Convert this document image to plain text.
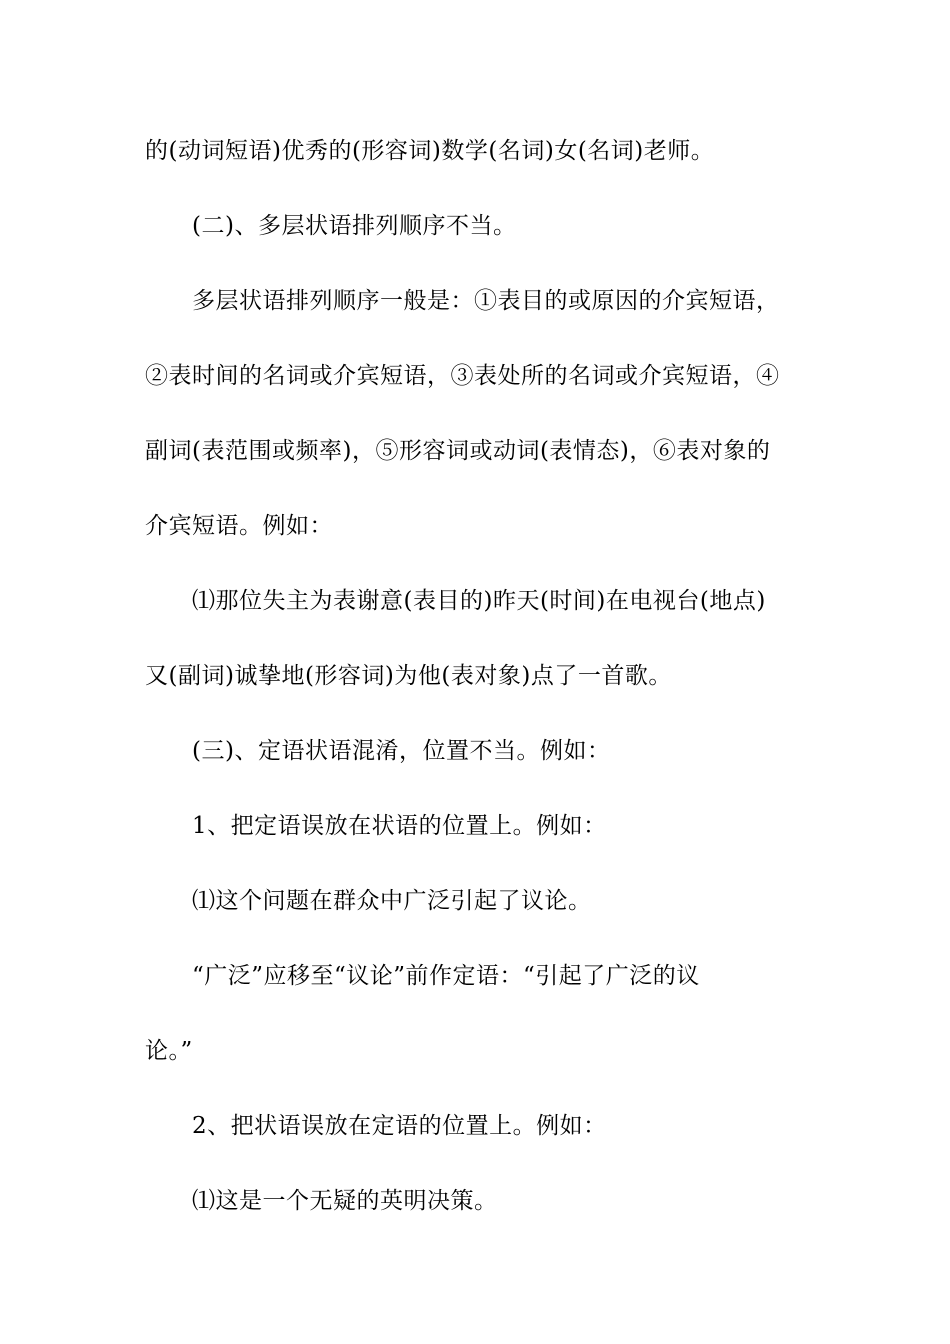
的(动词短语)优秀的(形容词)数学(名词)女(名词)老师。
(二)、多层状语排列顺序不当。
多层状语排列顺序一般是：①表目的或原因的介宾短语，
②表时间的名词或介宾短语，③表处所的名词或介宾短语，④
副词(表范围或频率)，⑤形容词或动词(表情态)，⑥表对象的
介宾短语。例如：
⑴那位失主为表谢意(表目的)昨天(时间)在电视台(地点)
又(副词)诚挚地(形容词)为他(表对象)点了一首歌。
(三)、定语状语混淆，位置不当。例如：
1、把定语误放在状语的位置上。例如：
⑴这个问题在群众中广泛引起了议论。
“广泛”应移至“议论”前作定语：“引起了广泛的议
论。”
2、把状语误放在定语的位置上。例如：
⑴这是一个无疑的英明决策。
